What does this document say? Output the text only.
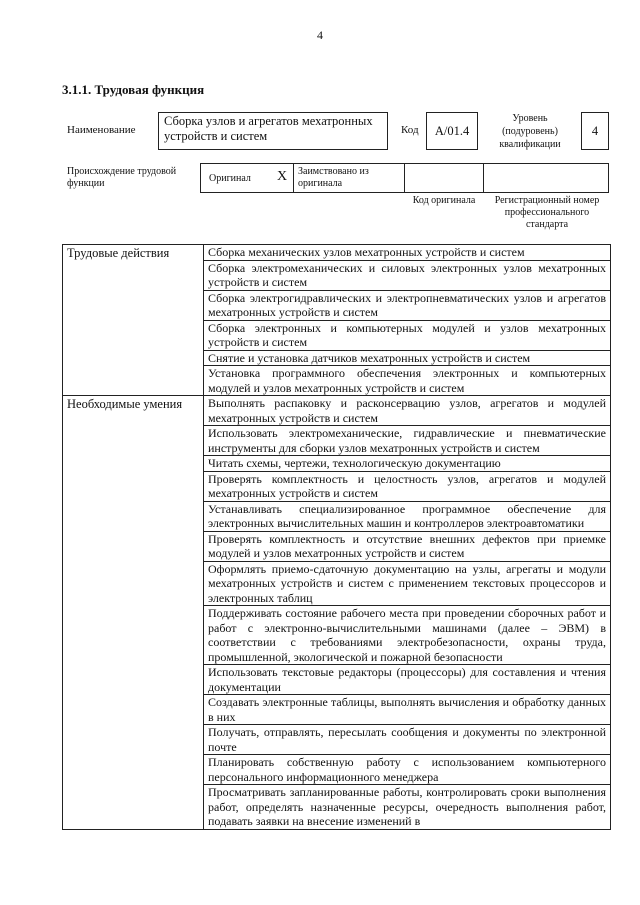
4
3.1.1. Трудовая функция
Наименование
Сборка узлов и агрегатов мехатронных устройств и систем	Код A/01.4
Уровень (подуровень) квалификации
4
Происхождение трудовой функции	Оригинал X	Заимствовано из оригинала
Код оригинала	Регистрационный номер профессионального стандарта
Трудовые действия	Сборка механических узлов мехатронных устройств и систем
	Сборка электромеханических и силовых электронных узлов мехатронных устройств и систем
	Сборка электрогидравлических и электропневматических узлов и агрегатов мехатронных устройств и систем
	Сборка электронных и компьютерных модулей и узлов мехатронных устройств и систем
	Снятие и установка датчиков мехатронных устройств и систем
	Установка программного обеспечения электронных и компьютерных модулей и узлов мехатронных устройств и систем
Необходимые умения	Выполнять распаковку и расконсервацию узлов, агрегатов и модулей мехатронных устройств и систем
	Использовать электромеханические, гидравлические и пневматические инструменты для сборки узлов мехатронных устройств и систем
	Читать схемы, чертежи, технологическую документацию
	Проверять комплектность и целостность узлов, агрегатов и модулей мехатронных устройств и систем
	Устанавливать специализированное программное обеспечение для электронных вычислительных машин и контроллеров электроавтоматики
	Проверять комплектность и отсутствие внешних дефектов при приемке модулей и узлов мехатронных устройств и систем
	Оформлять приемо-сдаточную документацию на узлы, агрегаты и модули мехатронных устройств и систем с применением текстовых процессоров и электронных таблиц
	Поддерживать состояние рабочего места при проведении сборочных работ и работ с электронно-вычислительными машинами (далее – ЭВМ) в соответствии с требованиями электробезопасности, охраны труда, промышленной, экологической и пожарной безопасности
	Использовать текстовые редакторы (процессоры) для составления и чтения документации
	Создавать электронные таблицы, выполнять вычисления и обработку данных в них
	Получать, отправлять, пересылать сообщения и документы по электронной почте
	Планировать собственную работу с использованием компьютерного персонального информационного менеджера
	Просматривать запланированные работы, контролировать сроки выполнения работ, определять назначенные ресурсы, очередность выполнения работ, подавать заявки на внесение изменений в
